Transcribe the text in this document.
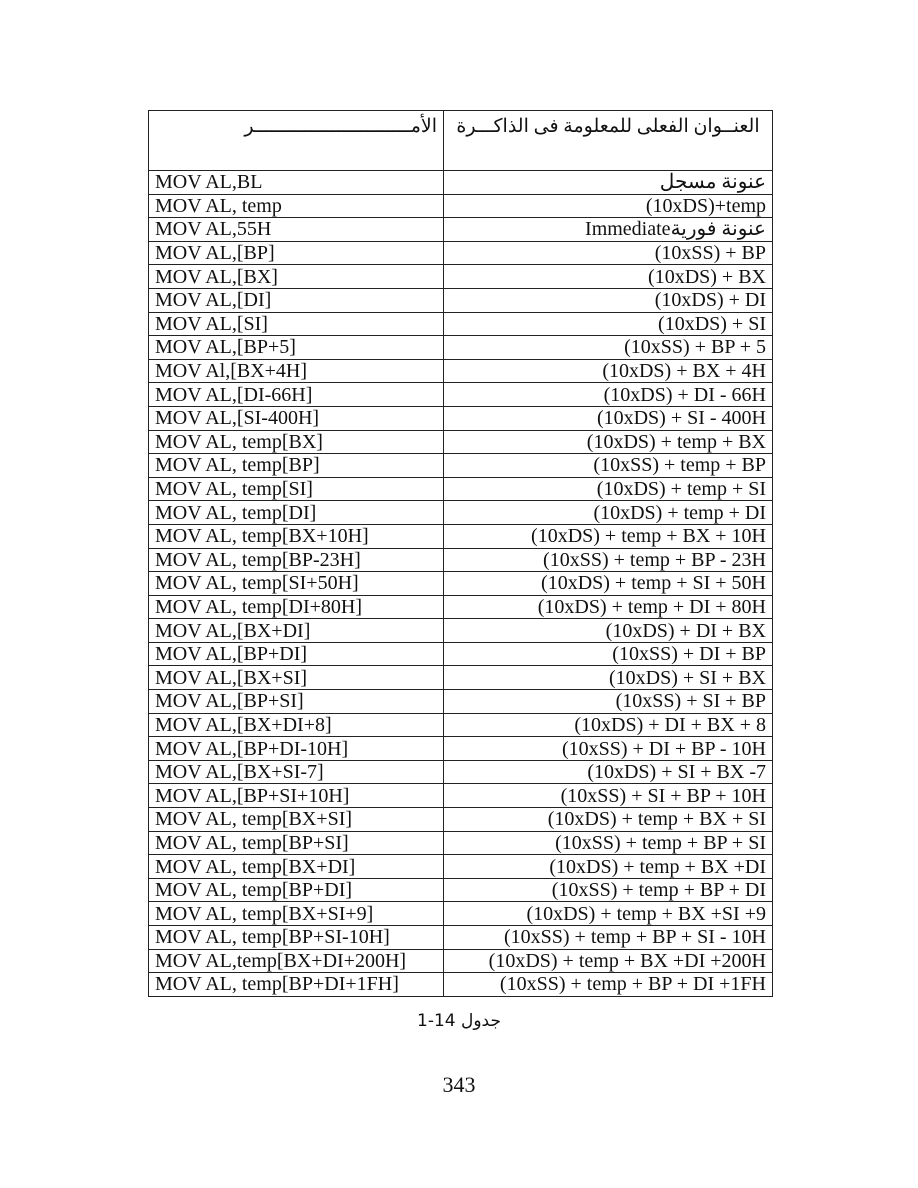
الأمــــــــــــــــــــــــــــر	العنــوان الفعلى للمعلومة فى الذاكـــرة
MOV AL,BL	عنونة مسجل
MOV AL, temp	(10xDS)+temp
MOV AL,55H	Immediateعنونة فورية
MOV AL,[BP]	(10xSS) + BP
MOV AL,[BX]	(10xDS) + BX
MOV AL,[DI]	(10xDS) + DI
MOV AL,[SI]	(10xDS) + SI
MOV AL,[BP+5]	(10xSS) + BP + 5
MOV Al,[BX+4H]	(10xDS) + BX + 4H
MOV AL,[DI-66H]	(10xDS) + DI - 66H
MOV AL,[SI-400H]	(10xDS) + SI - 400H
MOV AL, temp[BX]	(10xDS) + temp + BX
MOV AL, temp[BP]	(10xSS) + temp + BP
MOV AL, temp[SI]	(10xDS) + temp + SI
MOV AL, temp[DI]	(10xDS) + temp + DI
MOV AL, temp[BX+10H]	(10xDS) + temp + BX + 10H
MOV AL, temp[BP-23H]	(10xSS) + temp + BP - 23H
MOV AL, temp[SI+50H]	(10xDS) + temp + SI + 50H
MOV AL, temp[DI+80H]	(10xDS) + temp + DI + 80H
MOV AL,[BX+DI]	(10xDS) + DI + BX
MOV AL,[BP+DI]	(10xSS) + DI + BP
MOV AL,[BX+SI]	(10xDS) + SI + BX
MOV AL,[BP+SI]	(10xSS) + SI + BP
MOV AL,[BX+DI+8]	(10xDS) + DI + BX + 8
MOV AL,[BP+DI-10H]	(10xSS) + DI + BP - 10H
MOV AL,[BX+SI-7]	(10xDS) + SI + BX -7
MOV AL,[BP+SI+10H]	(10xSS) + SI + BP + 10H
MOV AL, temp[BX+SI]	(10xDS) + temp + BX + SI
MOV AL, temp[BP+SI]	(10xSS) + temp + BP + SI
MOV AL, temp[BX+DI]	(10xDS) + temp + BX +DI
MOV AL, temp[BP+DI]	(10xSS) + temp + BP + DI
MOV AL, temp[BX+SI+9]	(10xDS) + temp + BX +SI +9
MOV AL, temp[BP+SI-10H]	(10xSS) + temp + BP + SI - 10H
MOV AL,temp[BX+DI+200H]	(10xDS) + temp + BX +DI +200H
MOV AL, temp[BP+DI+1FH]	(10xSS) + temp + BP + DI +1FH
جدول 14-1
343
